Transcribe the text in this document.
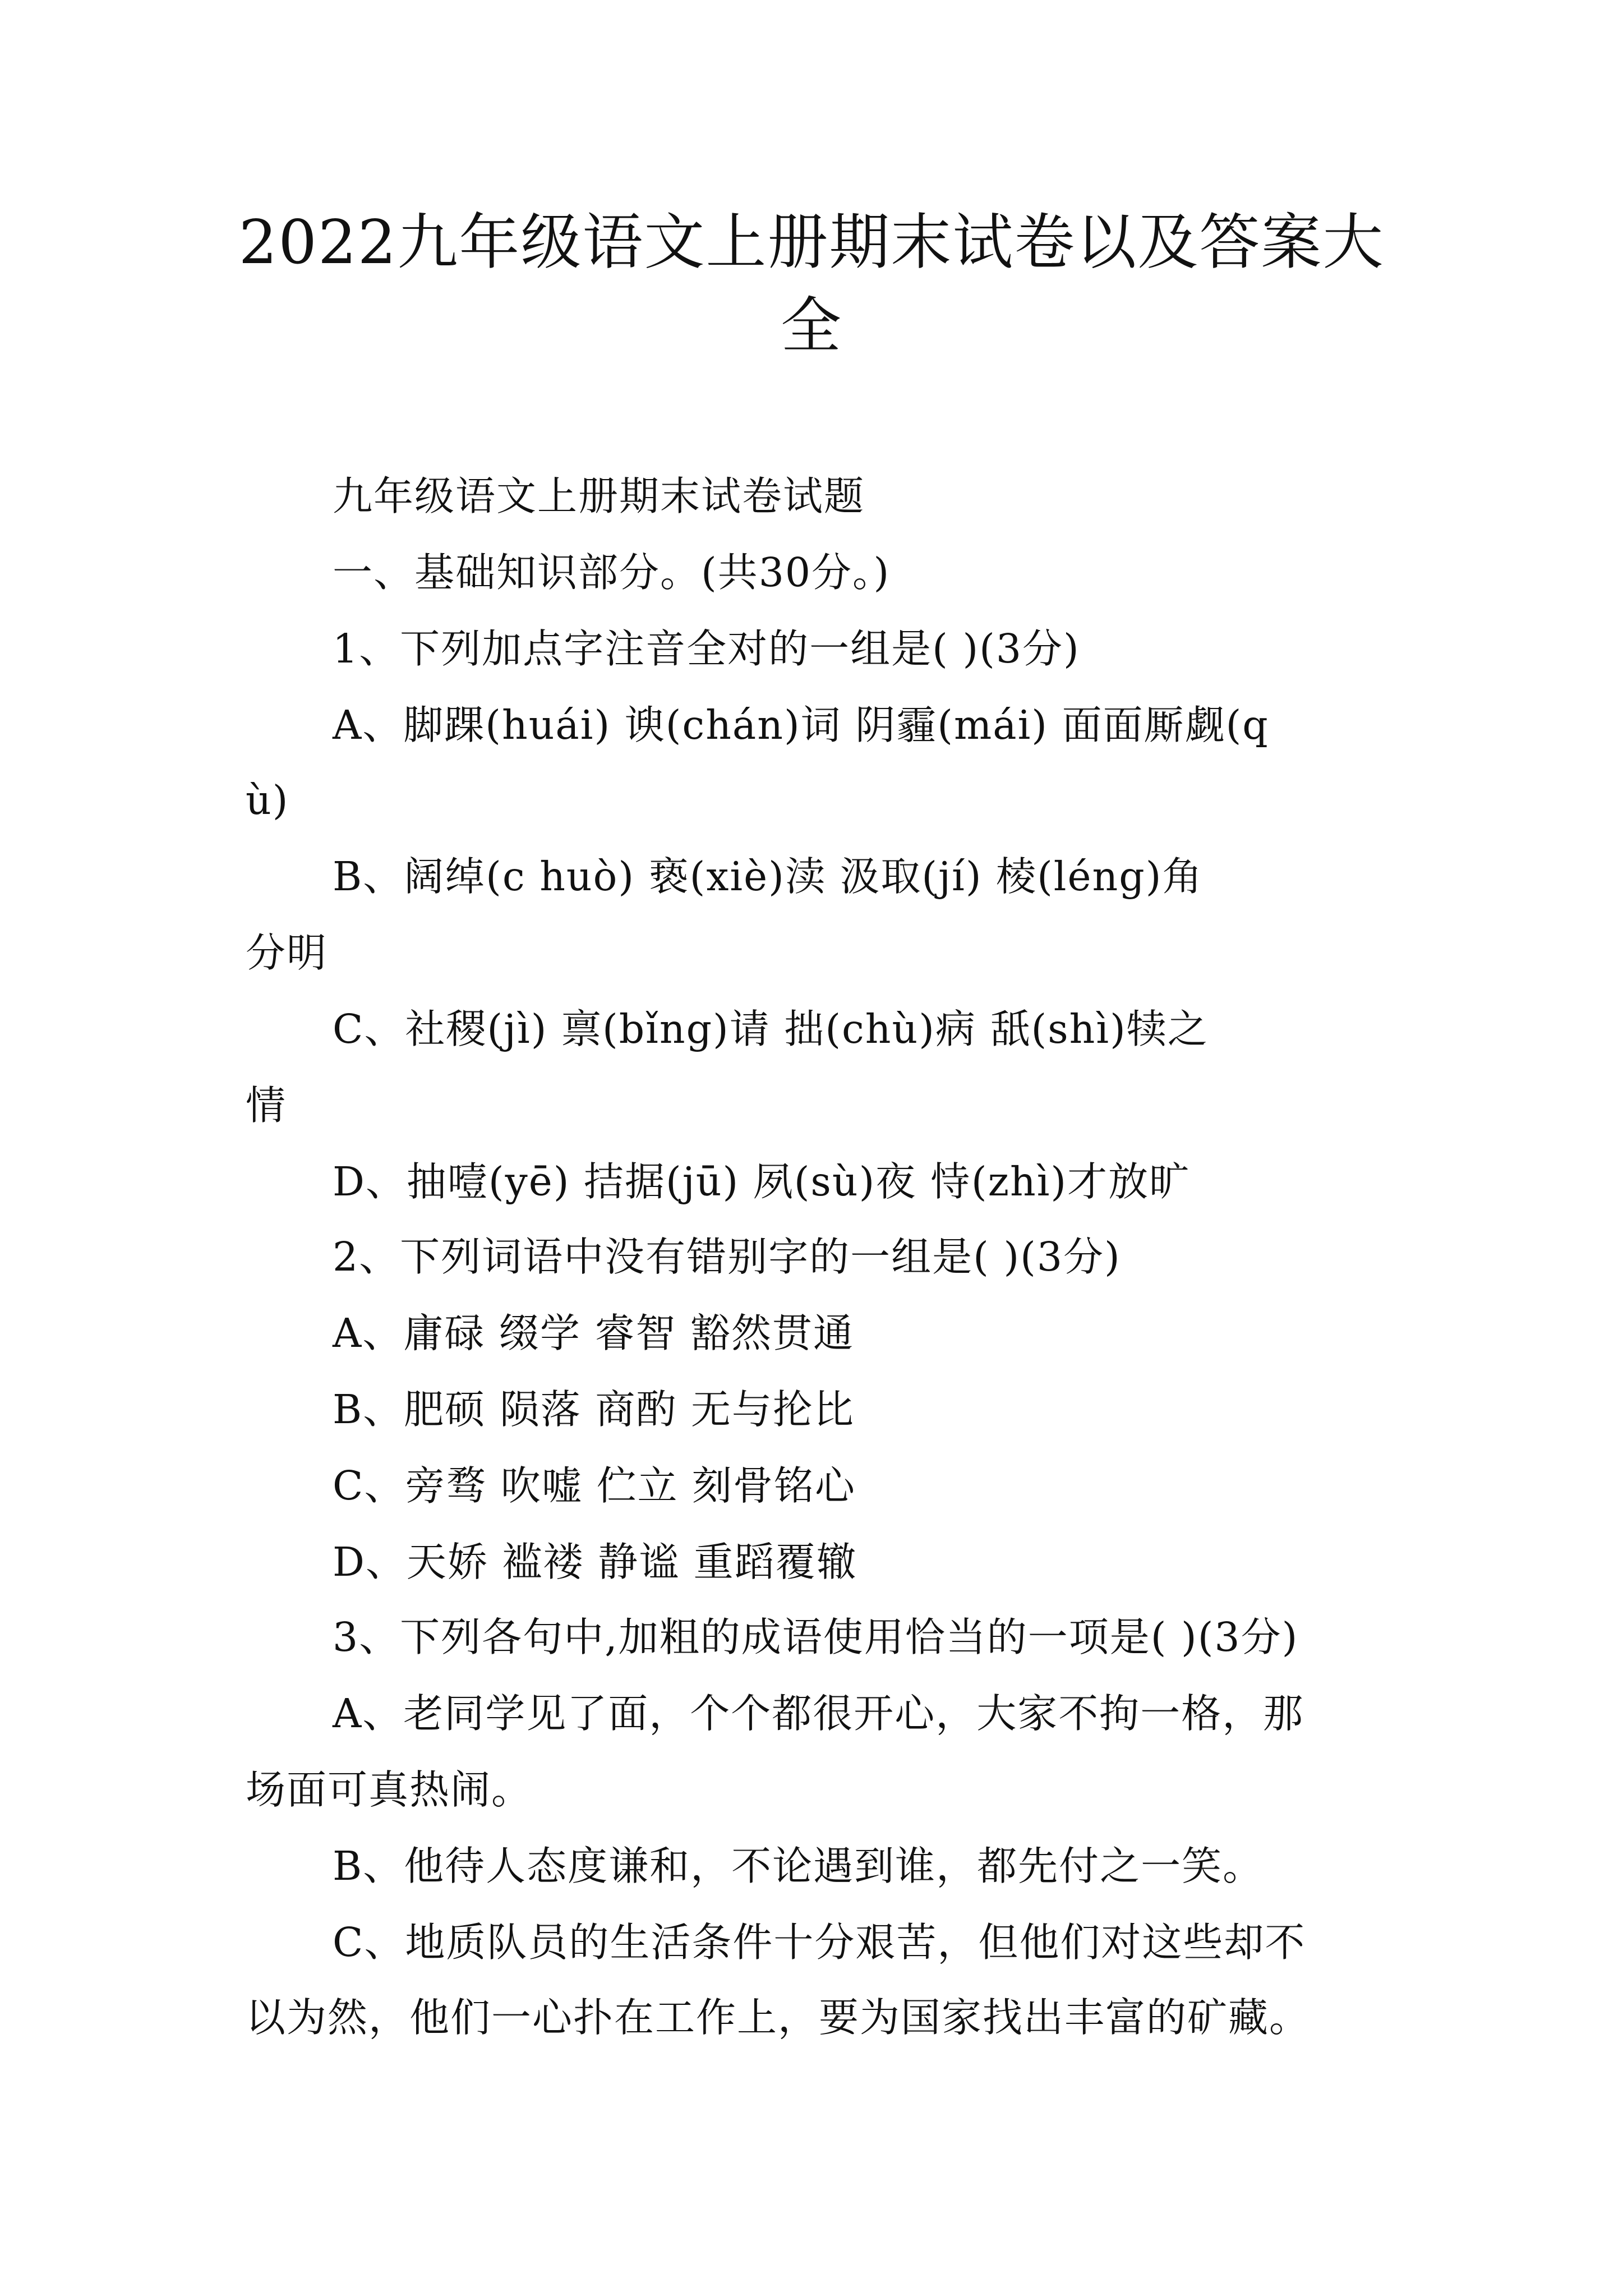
2022九年级语文上册期末试卷以及答案大
全
九年级语文上册期末试卷试题
一、基础知识部分。(共30分。)
1、下列加点字注音全对的一组是( )(3分)
A、脚踝(huái) 谀(chán)词 阴霾(mái) 面面厮觑(q
ù)
B、阔绰(c huò) 亵(xiè)渎 汲取(jí) 棱(léng)角
分明
C、社稷(jì) 禀(bǐng)请 拙(chù)病 舐(shì)犊之
情
D、抽噎(yē) 拮据(jū) 夙(sù)夜 恃(zhì)才放旷
2、下列词语中没有错别字的一组是( )(3分)
A、庸碌 缀学 睿智 豁然贯通
B、肥硕 陨落 商酌 无与抡比
C、旁骛 吹嘘 伫立 刻骨铭心
D、天娇 褴褛 静谧 重蹈覆辙
3、下列各句中,加粗的成语使用恰当的一项是( )(3分)
A、老同学见了面，个个都很开心，大家不拘一格，那
场面可真热闹。
B、他待人态度谦和，不论遇到谁，都先付之一笑。
C、地质队员的生活条件十分艰苦，但他们对这些却不
以为然，他们一心扑在工作上，要为国家找出丰富的矿藏。
